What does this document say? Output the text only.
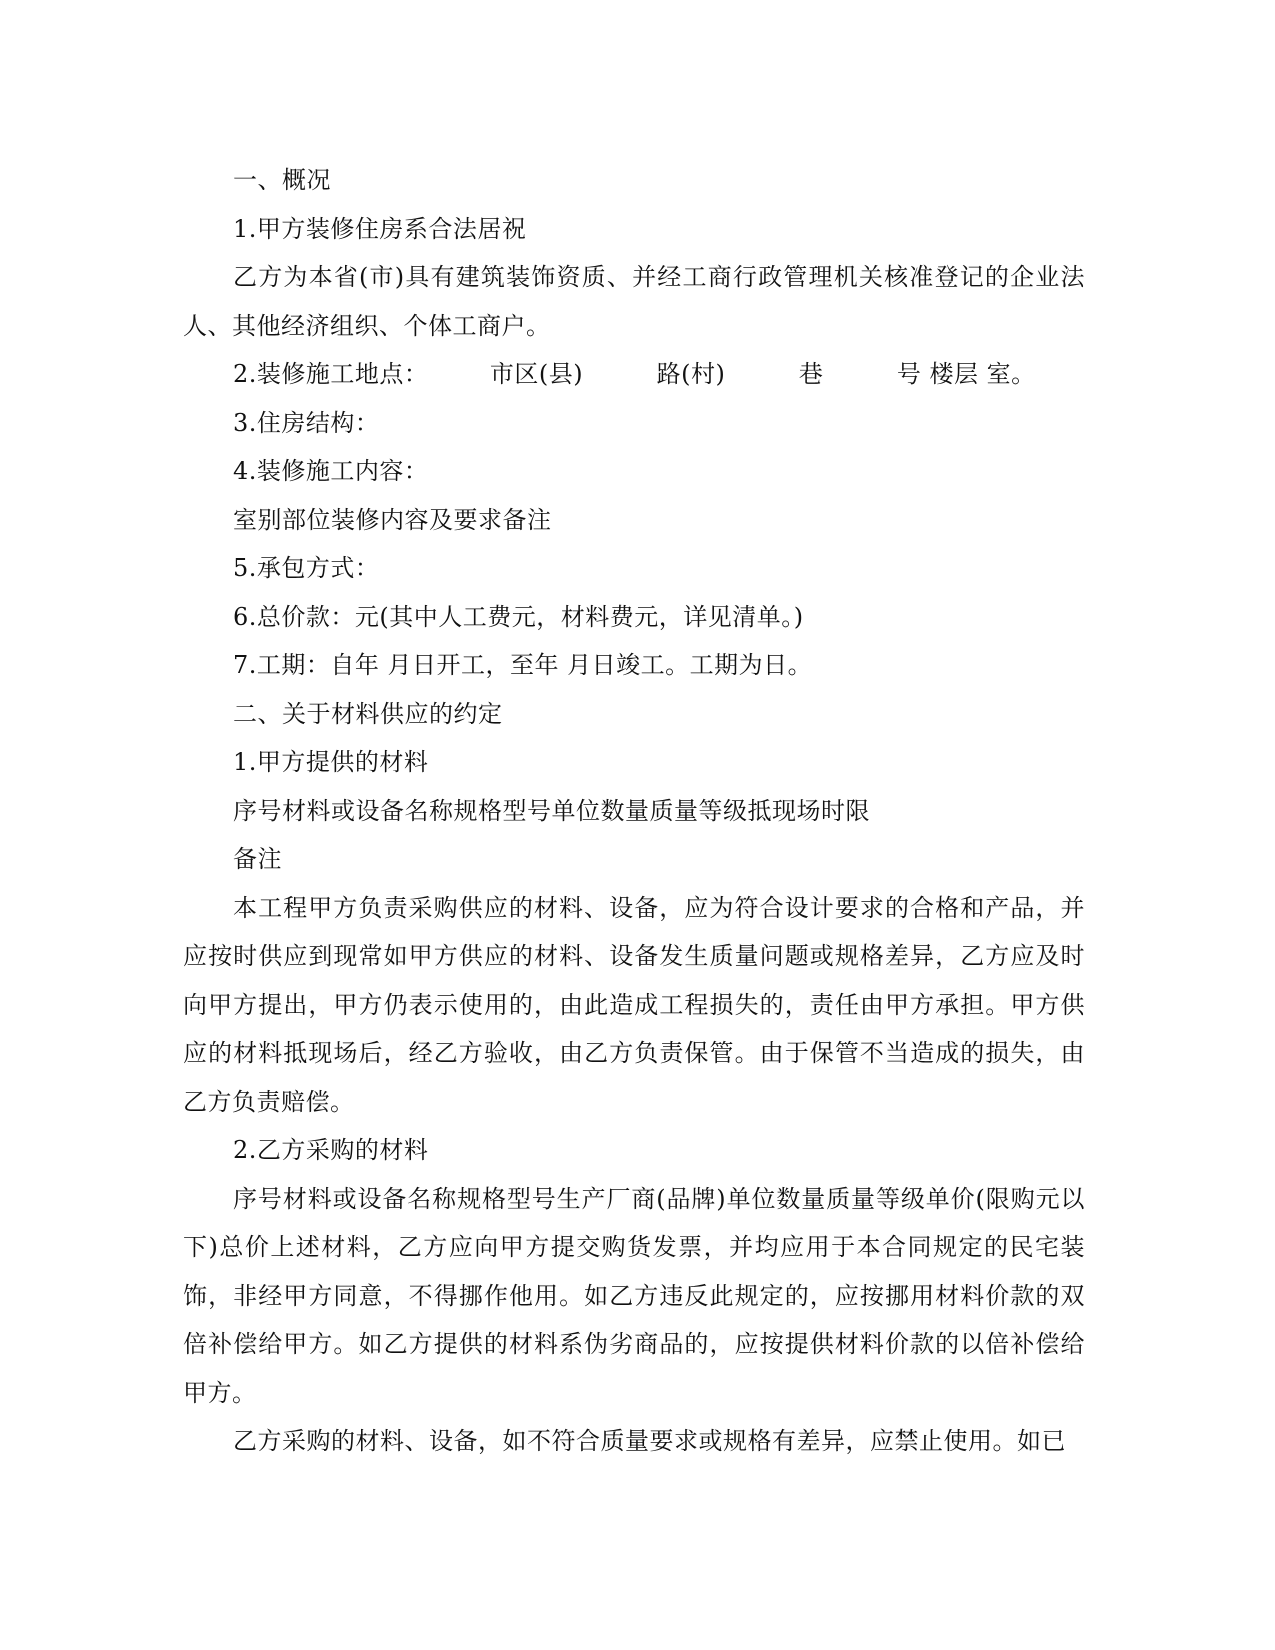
一、概况

1.甲方装修住房系合法居祝

乙方为本省(市)具有建筑装饰资质、并经工商行政管理机关核准登记的企业法人、其他经济组织、个体工商户。

2.装修施工地点：　　　市区(县)　　　路(村)　　　巷　　　号 楼层 室。

3.住房结构：

4.装修施工内容：

室别部位装修内容及要求备注

5.承包方式：

6.总价款：元(其中人工费元，材料费元，详见清单。)

7.工期：自年 月日开工，至年 月日竣工。工期为日。

二、关于材料供应的约定

1.甲方提供的材料

序号材料或设备名称规格型号单位数量质量等级抵现场时限

备注

本工程甲方负责采购供应的材料、设备，应为符合设计要求的合格和产品，并应按时供应到现常如甲方供应的材料、设备发生质量问题或规格差异，乙方应及时向甲方提出，甲方仍表示使用的，由此造成工程损失的，责任由甲方承担。甲方供应的材料抵现场后，经乙方验收，由乙方负责保管。由于保管不当造成的损失，由乙方负责赔偿。

2.乙方采购的材料

序号材料或设备名称规格型号生产厂商(品牌)单位数量质量等级单价(限购元以下)总价上述材料，乙方应向甲方提交购货发票，并均应用于本合同规定的民宅装饰，非经甲方同意，不得挪作他用。如乙方违反此规定的，应按挪用材料价款的双倍补偿给甲方。如乙方提供的材料系伪劣商品的，应按提供材料价款的以倍补偿给甲方。

乙方采购的材料、设备，如不符合质量要求或规格有差异，应禁止使用。如已
